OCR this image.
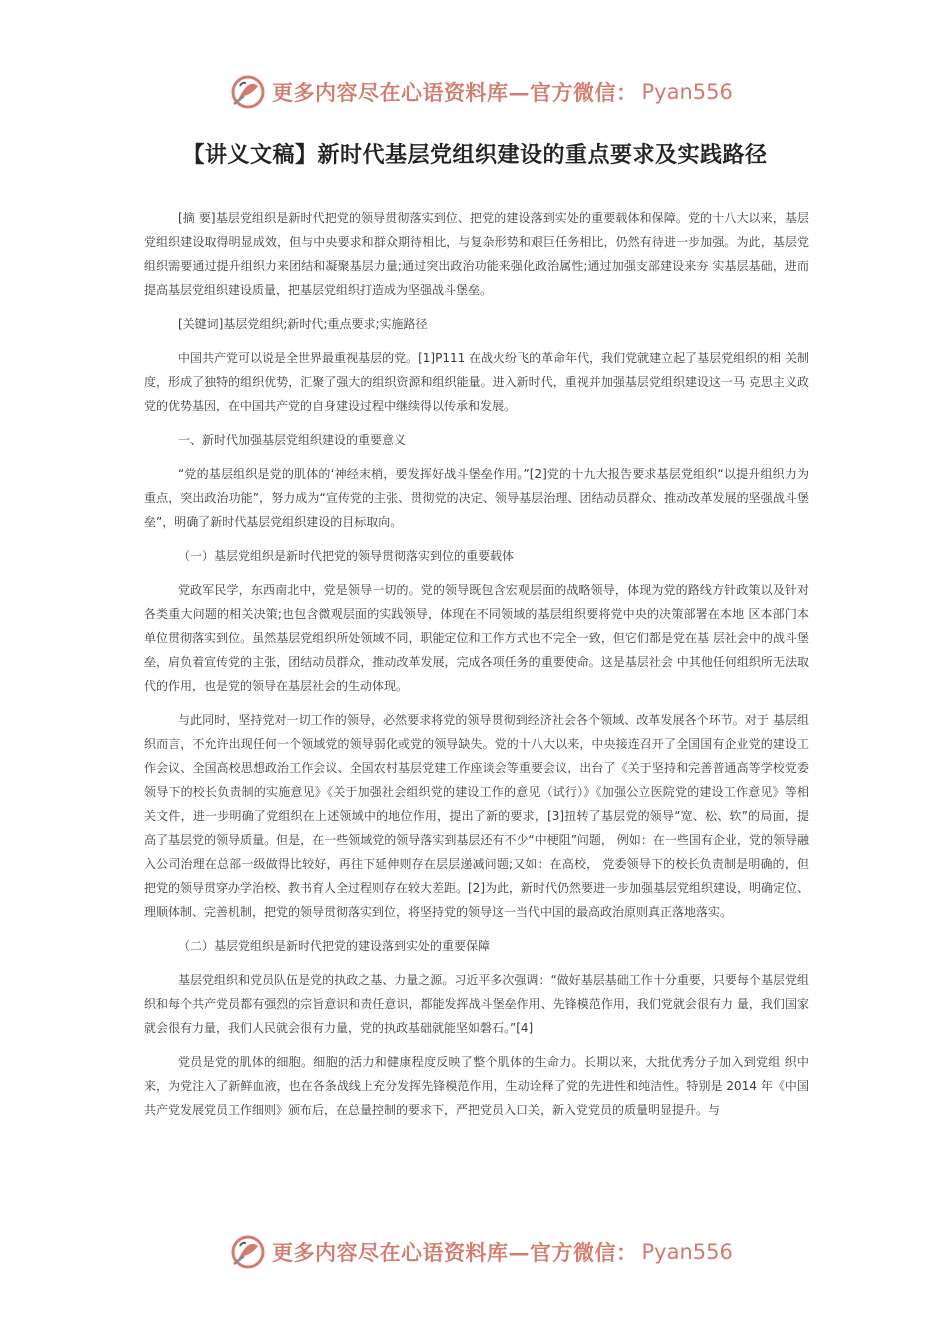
更多内容尽在心语资料库—官方微信： Pyan556
【讲义文稿】新时代基层党组织建设的重点要求及实践路径

[摘 要]基层党组织是新时代把党的领导贯彻落实到位、把党的建设落到实处的重要载体和保障。党的十八大以来，基层党组织建设取得明显成效，但与中央要求和群众期待相比，与复杂形势和艰巨任务相比，仍然有待进一步加强。为此，基层党组织需要通过提升组织力来团结和凝聚基层力量;通过突出政治功能来强化政治属性;通过加强支部建设来夯 实基层基础，进而提高基层党组织建设质量，把基层党组织打造成为坚强战斗堡垒。

[关键词]基层党组织;新时代;重点要求;实施路径

中国共产党可以说是全世界最重视基层的党。[1]P111 在战火纷飞的革命年代，我们党就建立起了基层党组织的相 关制度，形成了独特的组织优势，汇聚了强大的组织资源和组织能量。进入新时代，重视并加强基层党组织建设这一马 克思主义政党的优势基因，在中国共产党的自身建设过程中继续得以传承和发展。

一、新时代加强基层党组织建设的重要意义

“党的基层组织是党的肌体的‘神经末梢，要发挥好战斗堡垒作用。”[2]党的十九大报告要求基层党组织“以提升组织力为重点，突出政治功能”，努力成为“宣传党的主张、贯彻党的决定、领导基层治理、团结动员群众、推动改革发展的坚强战斗堡垒”，明确了新时代基层党组织建设的目标取向。

（一）基层党组织是新时代把党的领导贯彻落实到位的重要载体

党政军民学，东西南北中，党是领导一切的。党的领导既包含宏观层面的战略领导，体现为党的路线方针政策以及针对各类重大问题的相关决策;也包含微观层面的实践领导，体现在不同领域的基层组织要将党中央的决策部署在本地 区本部门本单位贯彻落实到位。虽然基层党组织所处领域不同，职能定位和工作方式也不完全一致，但它们都是党在基 层社会中的战斗堡垒，肩负着宣传党的主张，团结动员群众，推动改革发展，完成各项任务的重要使命。这是基层社会 中其他任何组织所无法取代的作用，也是党的领导在基层社会的生动体现。

与此同时，坚持党对一切工作的领导，必然要求将党的领导贯彻到经济社会各个领域、改革发展各个环节。对于 基层组织而言，不允许出现任何一个领域党的领导弱化或党的领导缺失。党的十八大以来，中央接连召开了全国国有企业党的建设工作会议、全国高校思想政治工作会议、全国农村基层党建工作座谈会等重要会议，出台了《关于坚持和完善普通高等学校党委领导下的校长负责制的实施意见》《关于加强社会组织党的建设工作的意见（试行）》《加强公立医院党的建设工作意见》等相关文件，进一步明确了党组织在上述领域中的地位作用，提出了新的要求，[3]扭转了基层党的领导“宽、松、软”的局面，提高了基层党的领导质量。但是，在一些领域党的领导落实到基层还有不少“中梗阻”问题， 例如：在一些国有企业，党的领导融入公司治理在总部一级做得比较好，再往下延伸则存在层层递减问题;又如：在高校， 党委领导下的校长负责制是明确的，但把党的领导贯穿办学治校、教书育人全过程则存在较大差距。[2]为此，新时代仍然要进一步加强基层党组织建设，明确定位、理顺体制、完善机制，把党的领导贯彻落实到位，将坚持党的领导这一当代中国的最高政治原则真正落地落实。

（二）基层党组织是新时代把党的建设落到实处的重要保障

基层党组织和党员队伍是党的执政之基、力量之源。习近平多次强调：“做好基层基础工作十分重要，只要每个基层党组织和每个共产党员都有强烈的宗旨意识和责任意识，都能发挥战斗堡垒作用、先锋模范作用，我们党就会很有力 量，我们国家就会很有力量，我们人民就会很有力量，党的执政基础就能坚如磐石。”[4]

党员是党的肌体的细胞。细胞的活力和健康程度反映了整个肌体的生命力。长期以来，大批优秀分子加入到党组 织中来，为党注入了新鲜血液，也在各条战线上充分发挥先锋模范作用，生动诠释了党的先进性和纯洁性。特别是 2014 年《中国共产党发展党员工作细则》颁布后，在总量控制的要求下，严把党员入口关，新入党党员的质量明显提升。与

更多内容尽在心语资料库—官方微信： Pyan556
